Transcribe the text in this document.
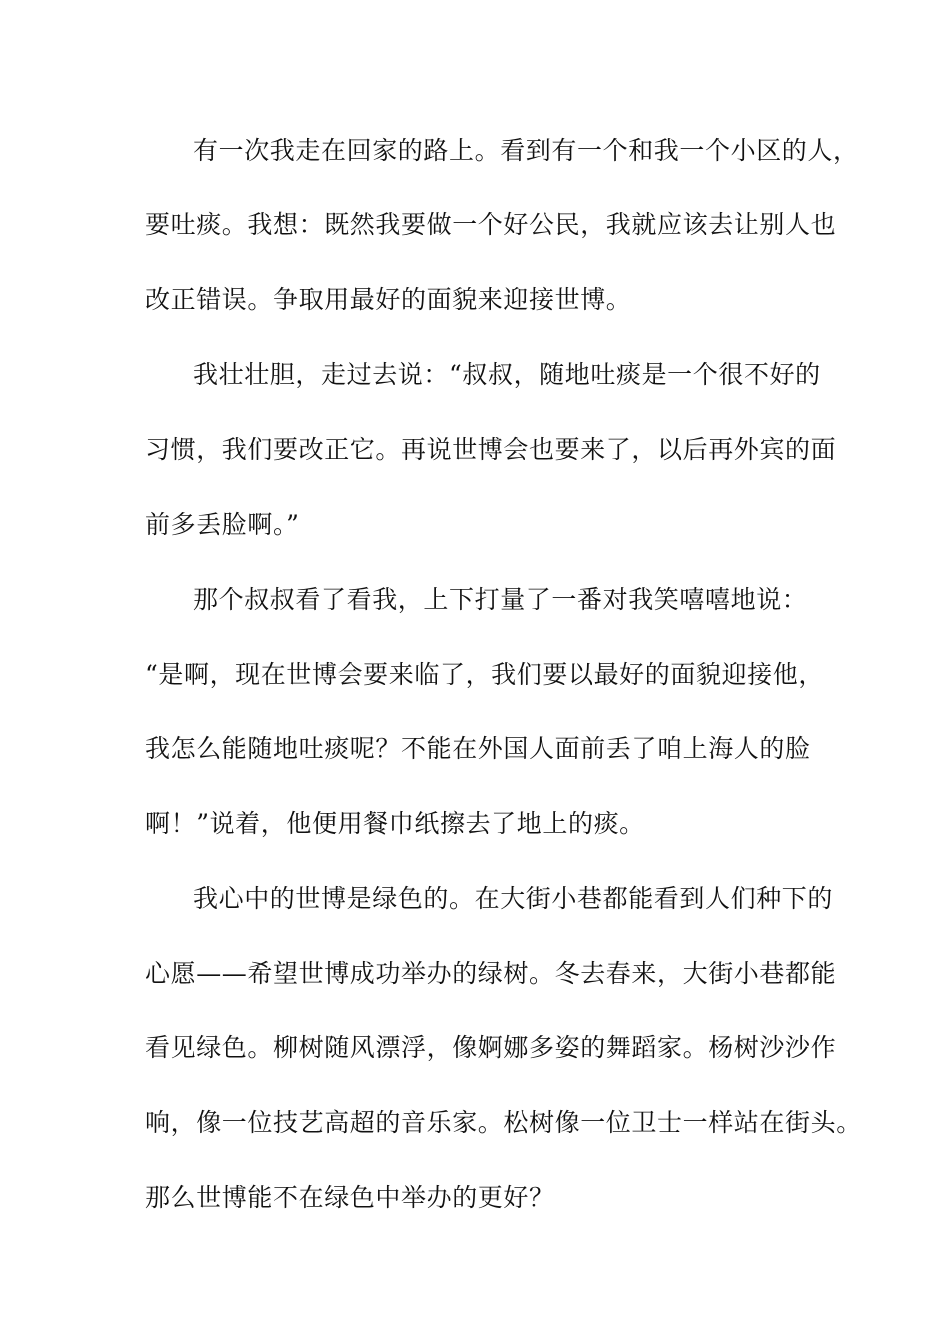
有一次我走在回家的路上。看到有一个和我一个小区的人，
要吐痰。我想：既然我要做一个好公民，我就应该去让别人也
改正错误。争取用最好的面貌来迎接世博。
我壮壮胆，走过去说：“叔叔，随地吐痰是一个很不好的
习惯，我们要改正它。再说世博会也要来了，以后再外宾的面
前多丢脸啊。”
那个叔叔看了看我，上下打量了一番对我笑嘻嘻地说：
“是啊，现在世博会要来临了，我们要以最好的面貌迎接他，
我怎么能随地吐痰呢？不能在外国人面前丢了咱上海人的脸
啊！”说着，他便用餐巾纸擦去了地上的痰。
我心中的世博是绿色的。在大街小巷都能看到人们种下的
心愿——希望世博成功举办的绿树。冬去春来，大街小巷都能
看见绿色。柳树随风漂浮，像婀娜多姿的舞蹈家。杨树沙沙作
响，像一位技艺高超的音乐家。松树像一位卫士一样站在街头。
那么世博能不在绿色中举办的更好？
